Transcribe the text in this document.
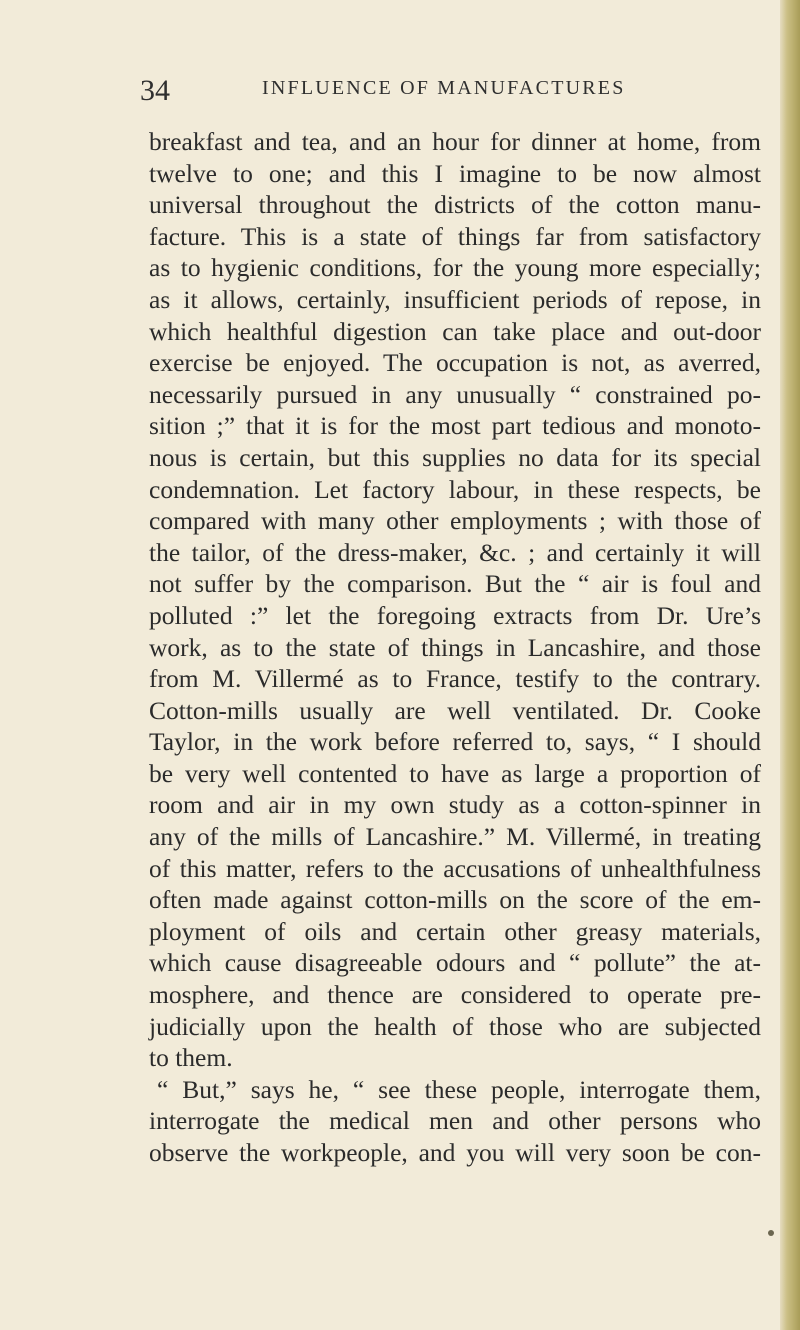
34	INFLUENCE OF MANUFACTURES
breakfast and tea, and an hour for dinner at home, from
twelve to one; and this I imagine to be now almost
universal throughout the districts of the cotton manu-
facture. This is a state of things far from satisfactory
as to hygienic conditions, for the young more especially;
as it allows, certainly, insufficient periods of repose, in
which healthful digestion can take place and out-door
exercise be enjoyed. The occupation is not, as averred,
necessarily pursued in any unusually “ constrained po-
sition ;” that it is for the most part tedious and monoto-
nous is certain, but this supplies no data for its special
condemnation. Let factory labour, in these respects, be
compared with many other employments ; with those of
the tailor, of the dress-maker, &c. ; and certainly it will
not suffer by the comparison. But the “ air is foul and
polluted :” let the foregoing extracts from Dr. Ure’s
work, as to the state of things in Lancashire, and those
from M. Villermé as to France, testify to the contrary.
Cotton-mills usually are well ventilated. Dr. Cooke
Taylor, in the work before referred to, says, “ I should
be very well contented to have as large a proportion of
room and air in my own study as a cotton-spinner in
any of the mills of Lancashire.” M. Villermé, in treating
of this matter, refers to the accusations of unhealthfulness
often made against cotton-mills on the score of the em-
ployment of oils and certain other greasy materials,
which cause disagreeable odours and “ pollute” the at-
mosphere, and thence are considered to operate pre-
judicially upon the health of those who are subjected
to them.
“ But,” says he, “ see these people, interrogate them,
interrogate the medical men and other persons who
observe the workpeople, and you will very soon be con-
